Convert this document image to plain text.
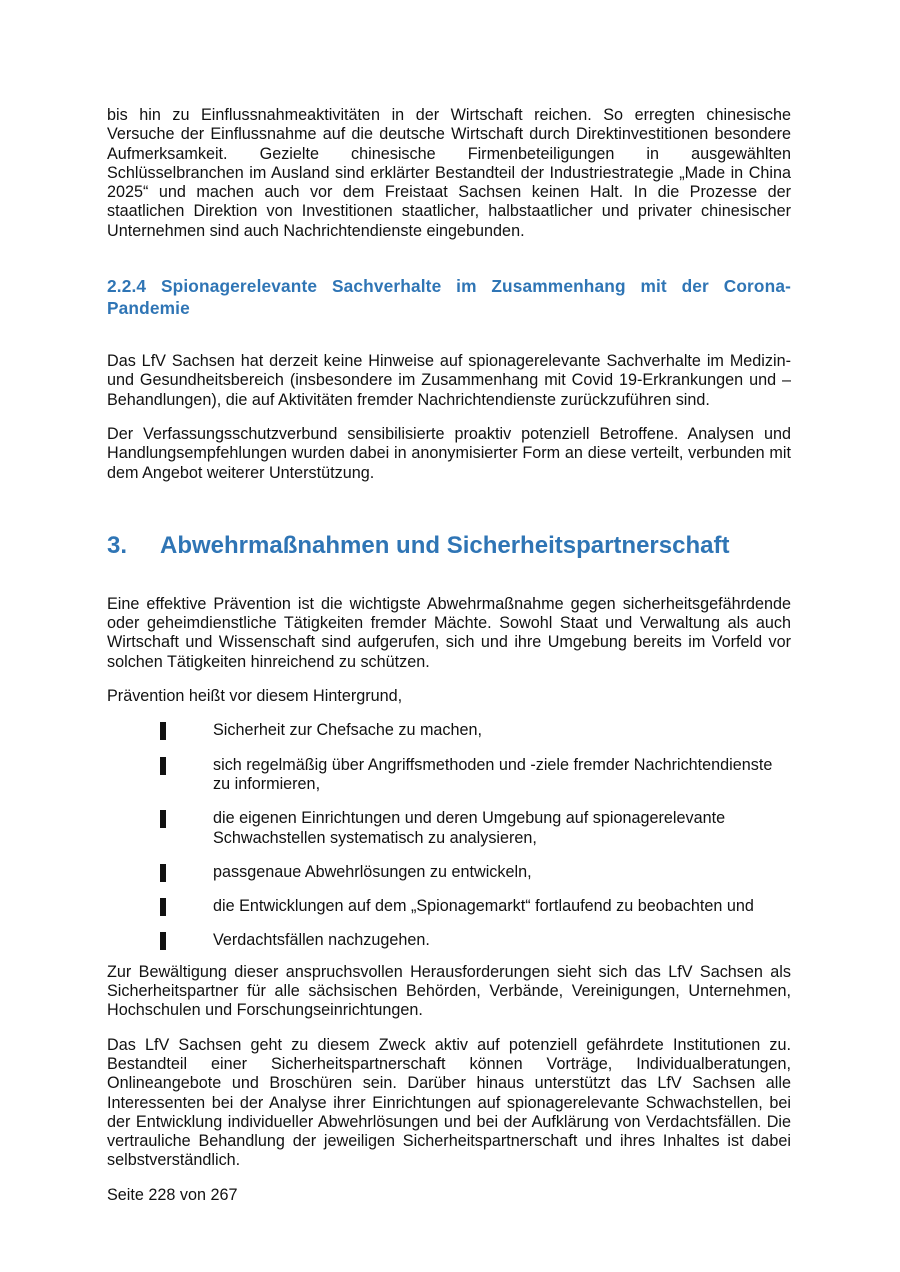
bis hin zu Einflussnahmeaktivitäten in der Wirtschaft reichen. So erregten chinesische Versuche der Einflussnahme auf die deutsche Wirtschaft durch Direktinvestitionen besondere Aufmerksamkeit. Gezielte chinesische Firmenbeteiligungen in ausgewählten Schlüsselbranchen im Ausland sind erklärter Bestandteil der Industriestrategie „Made in China 2025“ und machen auch vor dem Freistaat Sachsen keinen Halt. In die Prozesse der staatlichen Direktion von Investitionen staatlicher, halbstaatlicher und privater chinesischer Unternehmen sind auch Nachrichtendienste eingebunden.

2.2.4 Spionagerelevante Sachverhalte im Zusammenhang mit der Corona-Pandemie

Das LfV Sachsen hat derzeit keine Hinweise auf spionagerelevante Sachverhalte im Medizin- und Gesundheitsbereich (insbesondere im Zusammenhang mit Covid 19-Erkrankungen und –Behandlungen), die auf Aktivitäten fremder Nachrichtendienste zurückzuführen sind.

Der Verfassungsschutzverbund sensibilisierte proaktiv potenziell Betroffene. Analysen und Handlungsempfehlungen wurden dabei in anonymisierter Form an diese verteilt, verbunden mit dem Angebot weiterer Unterstützung.

3.	Abwehrmaßnahmen und Sicherheitspartnerschaft

Eine effektive Prävention ist die wichtigste Abwehrmaßnahme gegen sicherheitsgefährdende oder geheimdienstliche Tätigkeiten fremder Mächte. Sowohl Staat und Verwaltung als auch Wirtschaft und Wissenschaft sind aufgerufen, sich und ihre Umgebung bereits im Vorfeld vor solchen Tätigkeiten hinreichend zu schützen.

Prävention heißt vor diesem Hintergrund,

Sicherheit zur Chefsache zu machen,
sich regelmäßig über Angriffsmethoden und -ziele fremder Nachrichtendienste zu informieren,
die eigenen Einrichtungen und deren Umgebung auf spionagerelevante Schwachstellen systematisch zu analysieren,
passgenaue Abwehrlösungen zu entwickeln,
die Entwicklungen auf dem „Spionagemarkt“ fortlaufend zu beobachten und
Verdachtsfällen nachzugehen.

Zur Bewältigung dieser anspruchsvollen Herausforderungen sieht sich das LfV Sachsen als Sicherheitspartner für alle sächsischen Behörden, Verbände, Vereinigungen, Unternehmen, Hochschulen und Forschungseinrichtungen.

Das LfV Sachsen geht zu diesem Zweck aktiv auf potenziell gefährdete Institutionen zu. Bestandteil einer Sicherheitspartnerschaft können Vorträge, Individualberatungen, Onlineangebote und Broschüren sein. Darüber hinaus unterstützt das LfV Sachsen alle Interessenten bei der Analyse ihrer Einrichtungen auf spionagerelevante Schwachstellen, bei der Entwicklung individueller Abwehrlösungen und bei der Aufklärung von Verdachtsfällen. Die vertrauliche Behandlung der jeweiligen Sicherheitspartnerschaft und ihres Inhaltes ist dabei selbstverständlich.

Seite 228 von 267
